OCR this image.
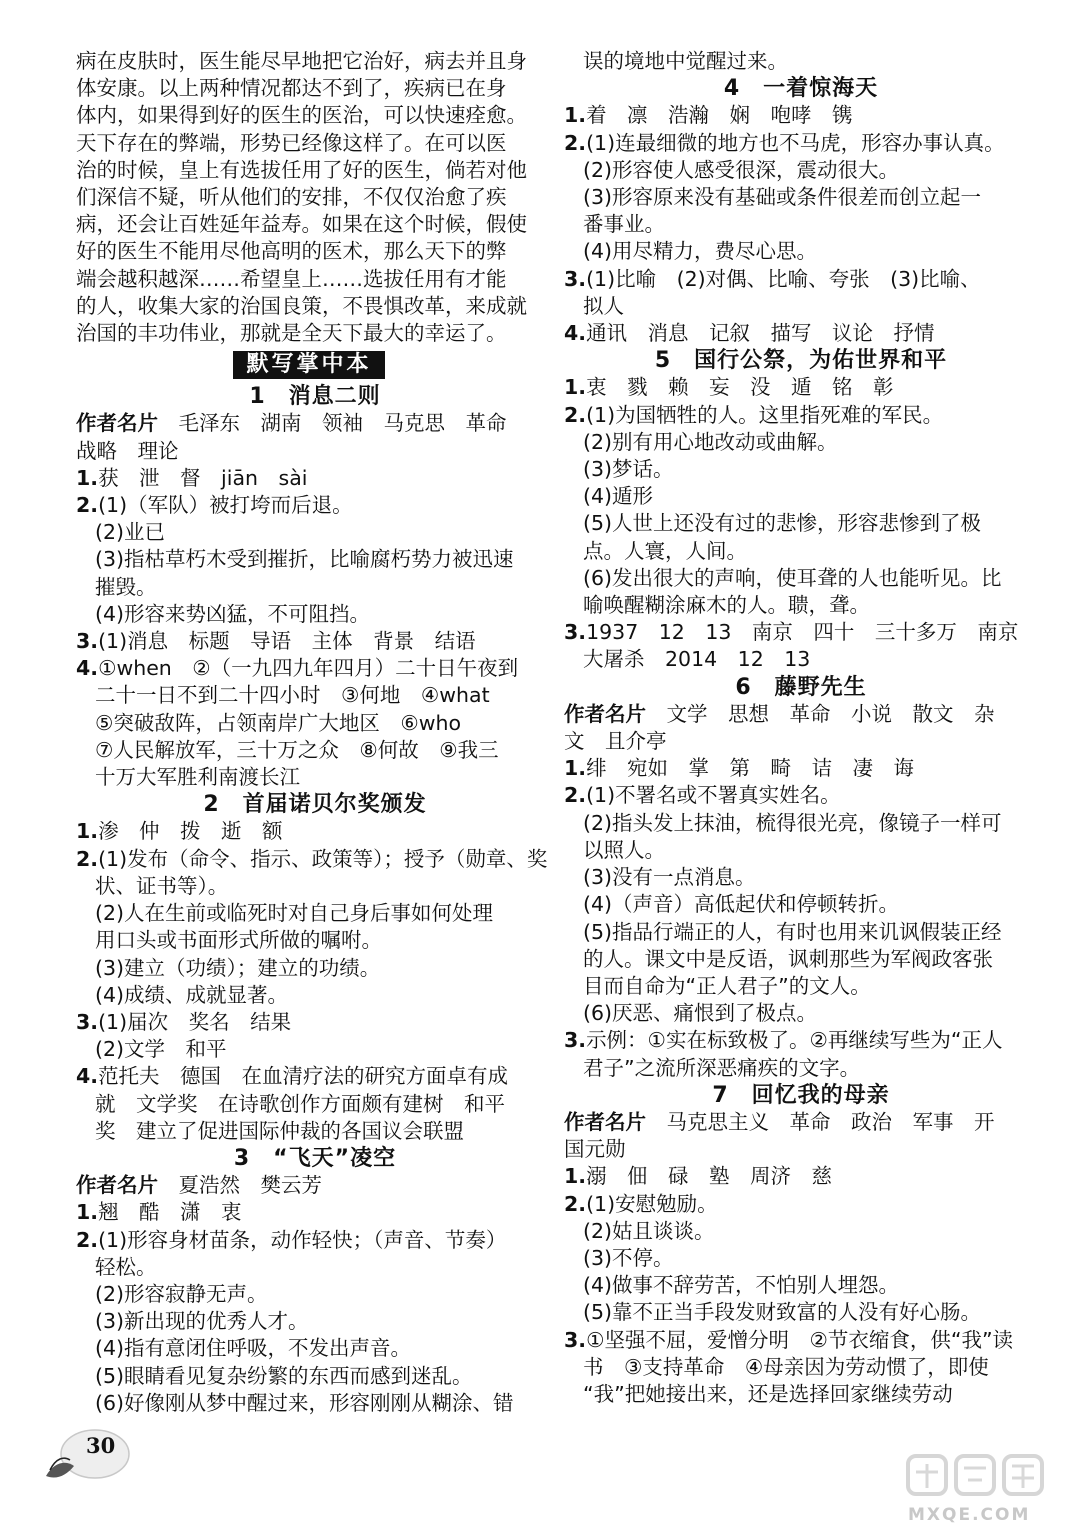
病在皮肤时，医生能尽早地把它治好，病去并且身
体安康。以上两种情况都达不到了，疾病已在身
体内，如果得到好的医生的医治，可以快速痊愈。
天下存在的弊端，形势已经像这样了。在可以医
治的时候，皇上有选拔任用了好的医生，倘若对他
们深信不疑，听从他们的安排，不仅仅治愈了疾
病，还会让百姓延年益寿。如果在这个时候，假使
好的医生不能用尽他高明的医术，那么天下的弊
端会越积越深……希望皇上……选拔任用有才能
的人，收集大家的治国良策，不畏惧改革，来成就
治国的丰功伟业，那就是全天下最大的幸运了。
默写掌中本
1　消息二则
作者名片　毛泽东　湖南　领袖　马克思　革命
战略　理论
1.获　泄　督　jiān　sài
2.(1)（军队）被打垮而后退。
(2)业已
(3)指枯草朽木受到摧折，比喻腐朽势力被迅速
摧毁。
(4)形容来势凶猛，不可阻挡。
3.(1)消息　标题　导语　主体　背景　结语
4.①when　②（一九四九年四月）二十日午夜到
二十一日不到二十四小时　③何地　④what
⑤突破敌阵，占领南岸广大地区　⑥who
⑦人民解放军，三十万之众　⑧何故　⑨我三
十万大军胜利南渡长江
2　首届诺贝尔奖颁发
1.渗　仲　拨　逝　额
2.(1)发布（命令、指示、政策等）；授予（勋章、奖
状、证书等）。
(2)人在生前或临死时对自己身后事如何处理
用口头或书面形式所做的嘱咐。
(3)建立（功绩）；建立的功绩。
(4)成绩、成就显著。
3.(1)届次　奖名　结果
(2)文学　和平
4.范托夫　德国　在血清疗法的研究方面卓有成
就　文学奖　在诗歌创作方面颇有建树　和平
奖　建立了促进国际仲裁的各国议会联盟
3　“飞天”凌空
作者名片　夏浩然　樊云芳
1.翘　酷　潇　衷
2.(1)形容身材苗条，动作轻快；（声音、节奏）
轻松。
(2)形容寂静无声。
(3)新出现的优秀人才。
(4)指有意闭住呼吸，不发出声音。
(5)眼睛看见复杂纷繁的东西而感到迷乱。
(6)好像刚从梦中醒过来，形容刚刚从糊涂、错
误的境地中觉醒过来。
4　一着惊海天
1.着　凛　浩瀚　娴　咆哮　镌
2.(1)连最细微的地方也不马虎，形容办事认真。
(2)形容使人感受很深，震动很大。
(3)形容原来没有基础或条件很差而创立起一
番事业。
(4)用尽精力，费尽心思。
3.(1)比喻　(2)对偶、比喻、夸张　(3)比喻、
拟人
4.通讯　消息　记叙　描写　议论　抒情
5　国行公祭，为佑世界和平
1.衷　戮　赖　妄　没　遁　铭　彰
2.(1)为国牺牲的人。这里指死难的军民。
(2)别有用心地改动或曲解。
(3)梦话。
(4)遁形
(5)人世上还没有过的悲惨，形容悲惨到了极
点。人寰，人间。
(6)发出很大的声响，使耳聋的人也能听见。比
喻唤醒糊涂麻木的人。聩，聋。
3.1937　12　13　南京　四十　三十多万　南京
大屠杀　2014　12　13
6　藤野先生
作者名片　文学　思想　革命　小说　散文　杂
文　且介亭
1.绯　宛如　掌　第　畸　诘　凄　诲
2.(1)不署名或不署真实姓名。
(2)指头发上抹油，梳得很光亮，像镜子一样可
以照人。
(3)没有一点消息。
(4)（声音）高低起伏和停顿转折。
(5)指品行端正的人，有时也用来讥讽假装正经
的人。课文中是反语，讽刺那些为军阀政客张
目而自命为“正人君子”的文人。
(6)厌恶、痛恨到了极点。
3.示例：①实在标致极了。②再继续写些为“正人
君子”之流所深恶痛疾的文字。
7　回忆我的母亲
作者名片　马克思主义　革命　政治　军事　开
国元勋
1.溺　佃　碌　塾　周济　慈
2.(1)安慰勉励。
(2)姑且谈谈。
(3)不停。
(4)做事不辞劳苦，不怕别人埋怨。
(5)靠不正当手段发财致富的人没有好心肠。
3.①坚强不屈，爱憎分明　②节衣缩食，供“我”读
书　③支持革命　④母亲因为劳动惯了，即使
“我”把她接出来，还是选择回家继续劳动
30
MXQE.COM
